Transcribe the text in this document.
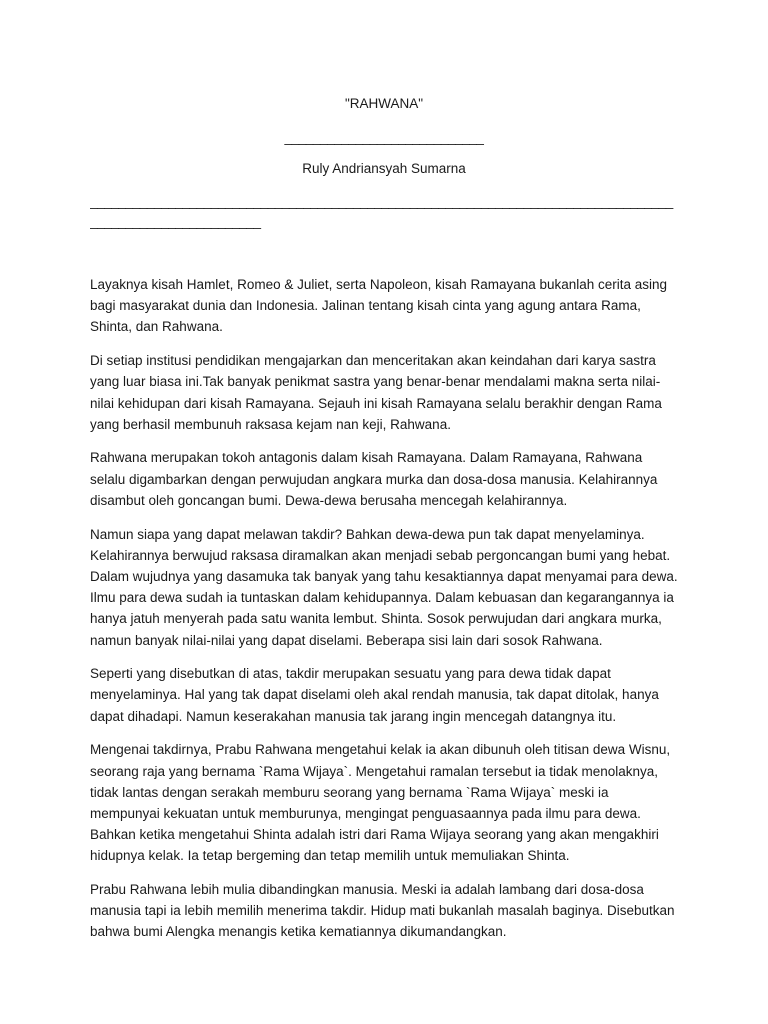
"RAHWANA"
____________________________
Ruly Andriansyah Sumarna
__________________________________________________________________________________________________________

Layaknya kisah Hamlet, Romeo & Juliet, serta Napoleon, kisah Ramayana bukanlah cerita asing bagi masyarakat dunia dan Indonesia. Jalinan tentang kisah cinta yang agung antara Rama, Shinta, dan Rahwana.

Di setiap institusi pendidikan mengajarkan dan menceritakan akan keindahan dari karya sastra yang luar biasa ini.Tak banyak penikmat sastra yang benar-benar mendalami makna serta nilai-nilai kehidupan dari kisah Ramayana. Sejauh ini kisah Ramayana selalu berakhir dengan Rama yang berhasil membunuh raksasa kejam nan keji, Rahwana.

Rahwana merupakan tokoh antagonis dalam kisah Ramayana. Dalam Ramayana, Rahwana selalu digambarkan dengan perwujudan angkara murka dan dosa-dosa manusia. Kelahirannya disambut oleh goncangan bumi. Dewa-dewa berusaha mencegah kelahirannya.

Namun siapa yang dapat melawan takdir? Bahkan dewa-dewa pun tak dapat menyelaminya. Kelahirannya berwujud raksasa diramalkan akan menjadi sebab pergoncangan bumi yang hebat. Dalam wujudnya yang dasamuka tak banyak yang tahu kesaktiannya dapat menyamai para dewa. Ilmu para dewa sudah ia tuntaskan dalam kehidupannya. Dalam kebuasan dan kegarangannya ia hanya jatuh menyerah pada satu wanita lembut. Shinta. Sosok perwujudan dari angkara murka, namun banyak nilai-nilai yang dapat diselami. Beberapa sisi lain dari sosok Rahwana.

Seperti yang disebutkan di atas, takdir merupakan sesuatu yang para dewa tidak dapat menyelaminya. Hal yang tak dapat diselami oleh akal rendah manusia, tak dapat ditolak, hanya dapat dihadapi. Namun keserakahan manusia tak jarang ingin mencegah datangnya itu.

Mengenai takdirnya, Prabu Rahwana mengetahui kelak ia akan dibunuh oleh titisan dewa Wisnu, seorang raja yang bernama `Rama Wijaya`. Mengetahui ramalan tersebut ia tidak menolaknya, tidak lantas dengan serakah memburu seorang yang bernama `Rama Wijaya` meski ia mempunyai kekuatan untuk memburunya, mengingat penguasaannya pada ilmu para dewa. Bahkan ketika mengetahui Shinta adalah istri dari Rama Wijaya seorang yang akan mengakhiri hidupnya kelak. Ia tetap bergeming dan tetap memilih untuk memuliakan Shinta.

Prabu Rahwana lebih mulia dibandingkan manusia. Meski ia adalah lambang dari dosa-dosa manusia tapi ia lebih memilih menerima takdir. Hidup mati bukanlah masalah baginya. Disebutkan bahwa bumi Alengka menangis ketika kematiannya dikumandangkan.
